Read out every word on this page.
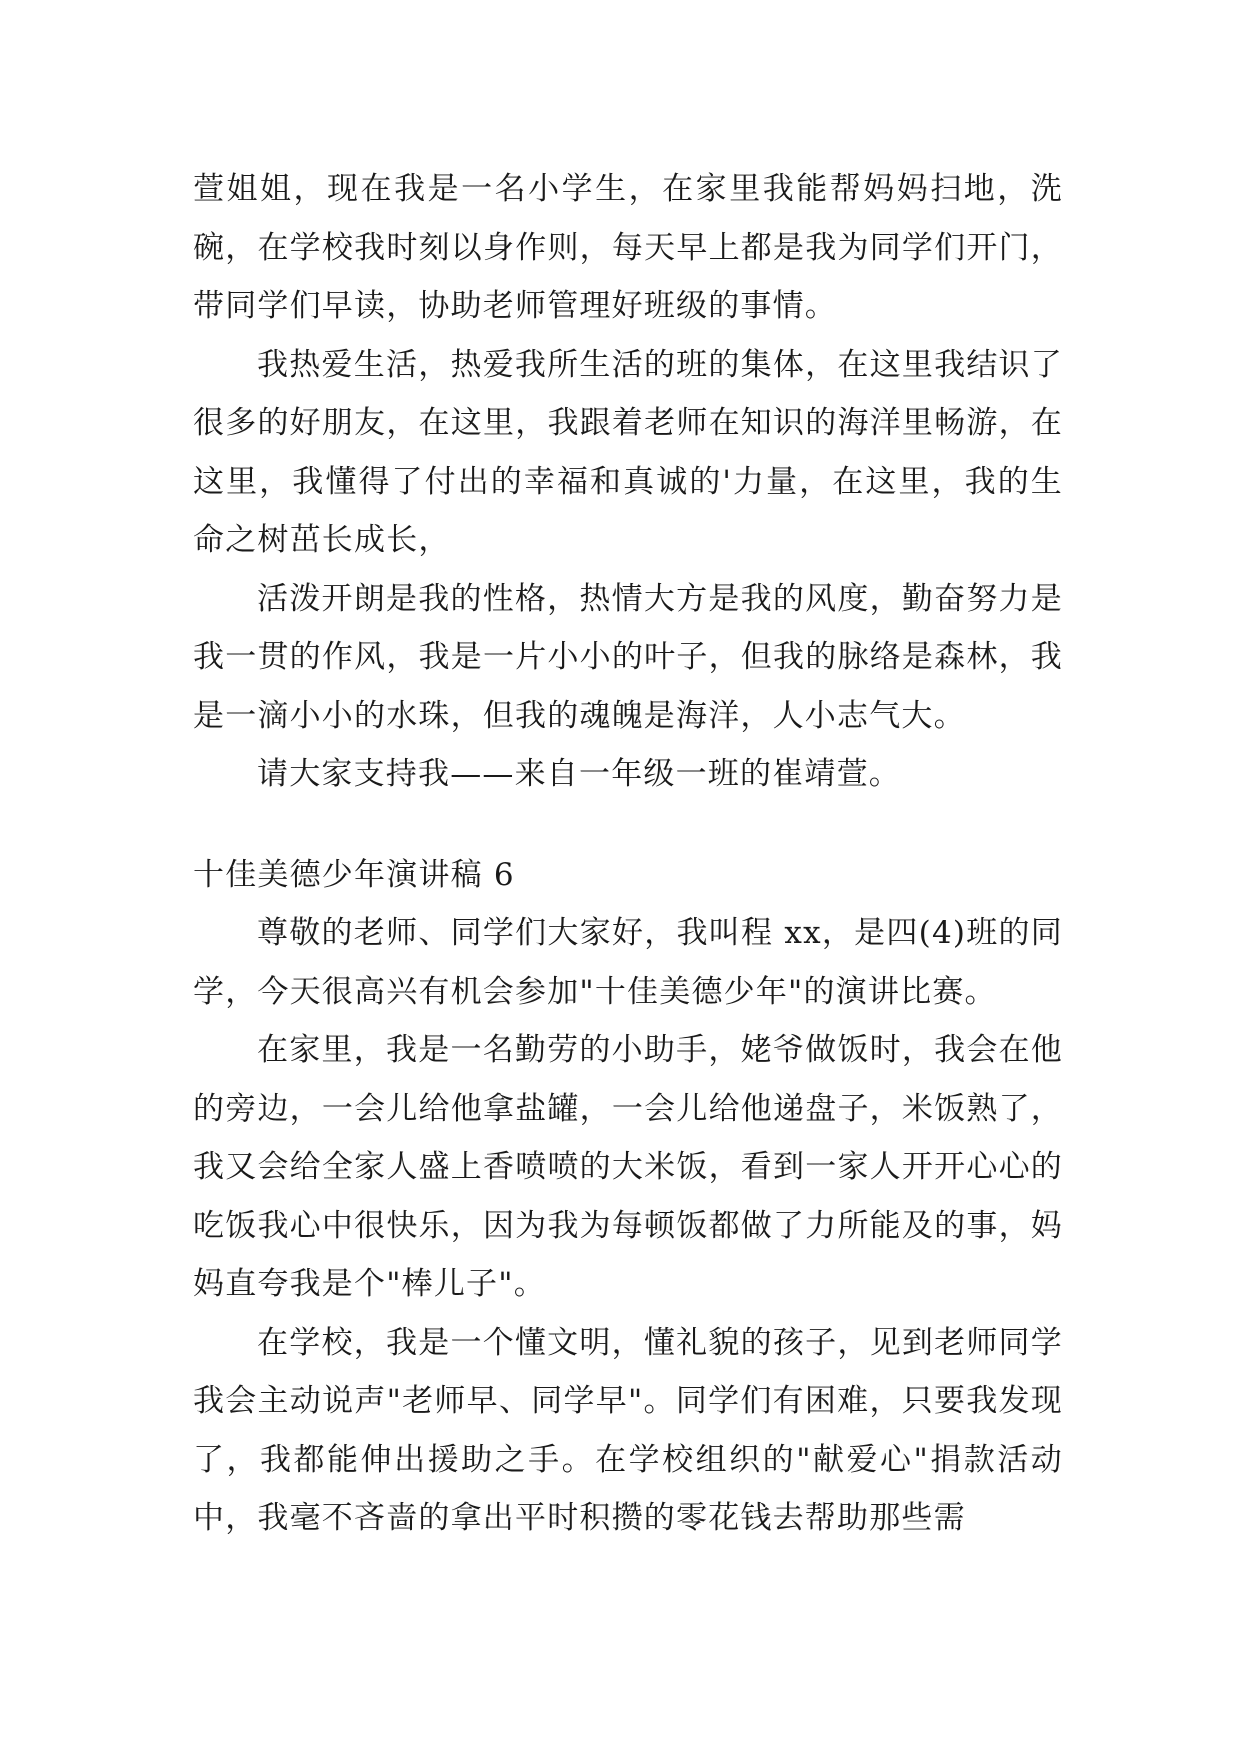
萱姐姐，现在我是一名小学生，在家里我能帮妈妈扫地，洗碗，在学校我时刻以身作则，每天早上都是我为同学们开门，带同学们早读，协助老师管理好班级的事情。

我热爱生活，热爱我所生活的班的集体，在这里我结识了很多的好朋友，在这里，我跟着老师在知识的海洋里畅游，在这里，我懂得了付出的幸福和真诚的'力量，在这里，我的生命之树茁长成长，

活泼开朗是我的性格，热情大方是我的风度，勤奋努力是我一贯的作风，我是一片小小的叶子，但我的脉络是森林，我是一滴小小的水珠，但我的魂魄是海洋，人小志气大。

请大家支持我——来自一年级一班的崔靖萱。

十佳美德少年演讲稿 6

尊敬的老师、同学们大家好，我叫程 xx，是四(4)班的同学，今天很高兴有机会参加"十佳美德少年"的演讲比赛。

在家里，我是一名勤劳的小助手，姥爷做饭时，我会在他的旁边，一会儿给他拿盐罐，一会儿给他递盘子，米饭熟了，我又会给全家人盛上香喷喷的大米饭，看到一家人开开心心的吃饭我心中很快乐，因为我为每顿饭都做了力所能及的事，妈妈直夸我是个"棒儿子"。

在学校，我是一个懂文明，懂礼貌的孩子，见到老师同学我会主动说声"老师早、同学早"。同学们有困难，只要我发现了，我都能伸出援助之手。在学校组织的"献爱心"捐款活动中，我毫不吝啬的拿出平时积攒的零花钱去帮助那些需
